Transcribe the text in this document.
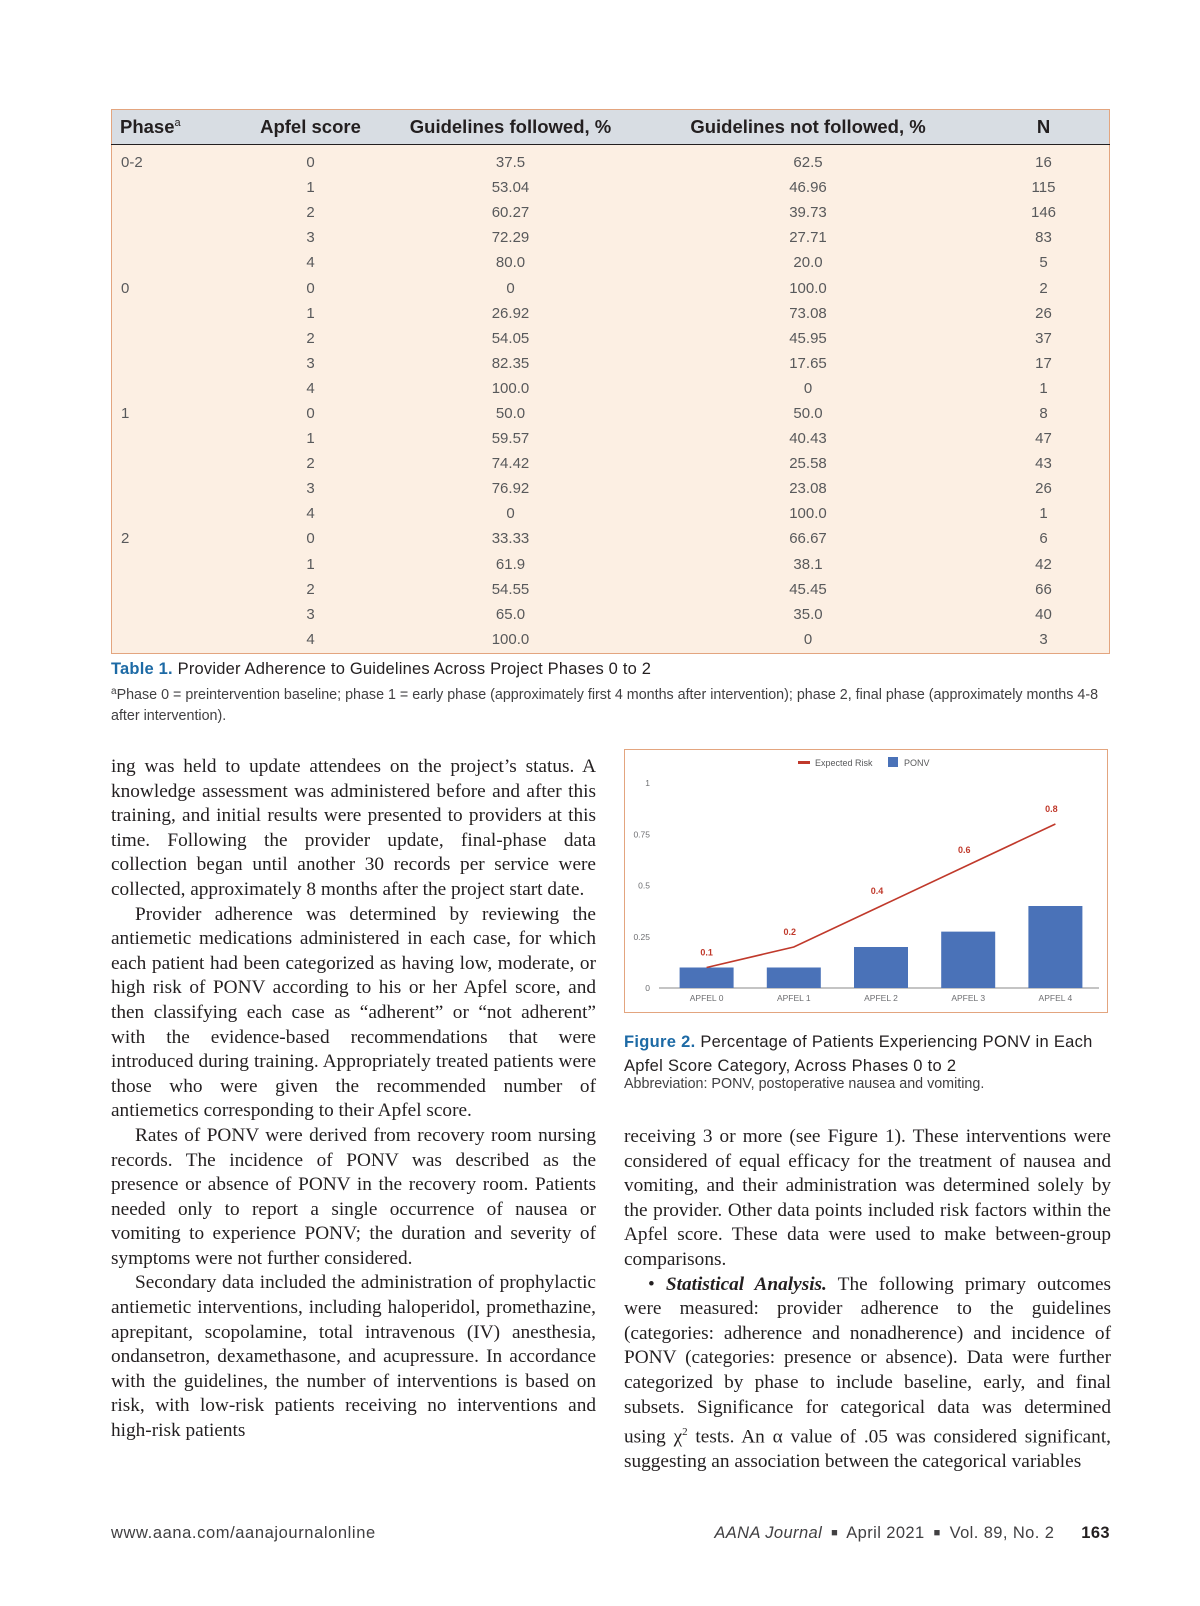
Phase$^a$	Apfel score	Guidelines followed, %	Guidelines not followed, %	N
0-2	0	37.5	62.5	16
	1	53.04	46.96	115
	2	60.27	39.73	146
	3	72.29	27.71	83
	4	80.0	20.0	5
0	0	0	100.0	2
	1	26.92	73.08	26
	2	54.05	45.95	37
	3	82.35	17.65	17
	4	100.0	0	1
1	0	50.0	50.0	8
	1	59.57	40.43	47
	2	74.42	25.58	43
	3	76.92	23.08	26
	4	0	100.0	1
2	0	33.33	66.67	6
	1	61.9	38.1	42
	2	54.55	45.45	66
	3	65.0	35.0	40
	4	100.0	0	3
Table 1. Provider Adherence to Guidelines Across Project Phases 0 to 2
$^a$Phase 0 = preintervention baseline; phase 1 = early phase (approximately first 4 months after intervention); phase 2, final phase (approximately months 4-8 after intervention).

ing was held to update attendees on the project’s status. A knowledge assessment was administered before and after this training, and initial results were presented to providers at this time. Following the provider update, final-phase data collection began until another 30 records per service were collected, approximately 8 months after the project start date.

Provider adherence was determined by reviewing the antiemetic medications administered in each case, for which each patient had been categorized as having low, moderate, or high risk of PONV according to his or her Apfel score, and then classifying each case as “adherent” or “not adherent” with the evidence-based recommendations that were introduced during training. Appropriately treated patients were those who were given the recommended number of antiemetics corresponding to their Apfel score.

Rates of PONV were derived from recovery room nursing records. The incidence of PONV was described as the presence or absence of PONV in the recovery room. Patients needed only to report a single occurrence of nausea or vomiting to experience PONV; the duration and severity of symptoms were not further considered.

Secondary data included the administration of prophylactic antiemetic interventions, including haloperidol, promethazine, aprepitant, scopolamine, total intravenous (IV) anesthesia, ondansetron, dexamethasone, and acupressure. In accordance with the guidelines, the number of interventions is based on risk, with low-risk patients receiving no interventions and high-risk patients

0
0.25
0.5
0.75
1
APFEL 0	APFEL 1	APFEL 2	APFEL 3	APFEL 4
0.1
0.2
0.4
0.6
0.8
Expected Risk	PONV
Figure 2. Percentage of Patients Experiencing PONV in Each Apfel Score Category, Across Phases 0 to 2
Abbreviation: PONV, postoperative nausea and vomiting.

receiving 3 or more (see Figure 1). These interventions were considered of equal efficacy for the treatment of nausea and vomiting, and their administration was determined solely by the provider. Other data points included risk factors within the Apfel score. These data were used to make between-group comparisons.

• Statistical Analysis. The following primary outcomes were measured: provider adherence to the guidelines (categories: adherence and nonadherence) and incidence of PONV (categories: presence or absence). Data were further categorized by phase to include baseline, early, and final subsets. Significance for categorical data was determined using $\chi^2$ tests. An α value of .05 was considered significant, suggesting an association between the categorical variables

www.aana.com/aanajournalonline	AANA Journal ■ April 2021 ■ Vol. 89, No. 2 163
